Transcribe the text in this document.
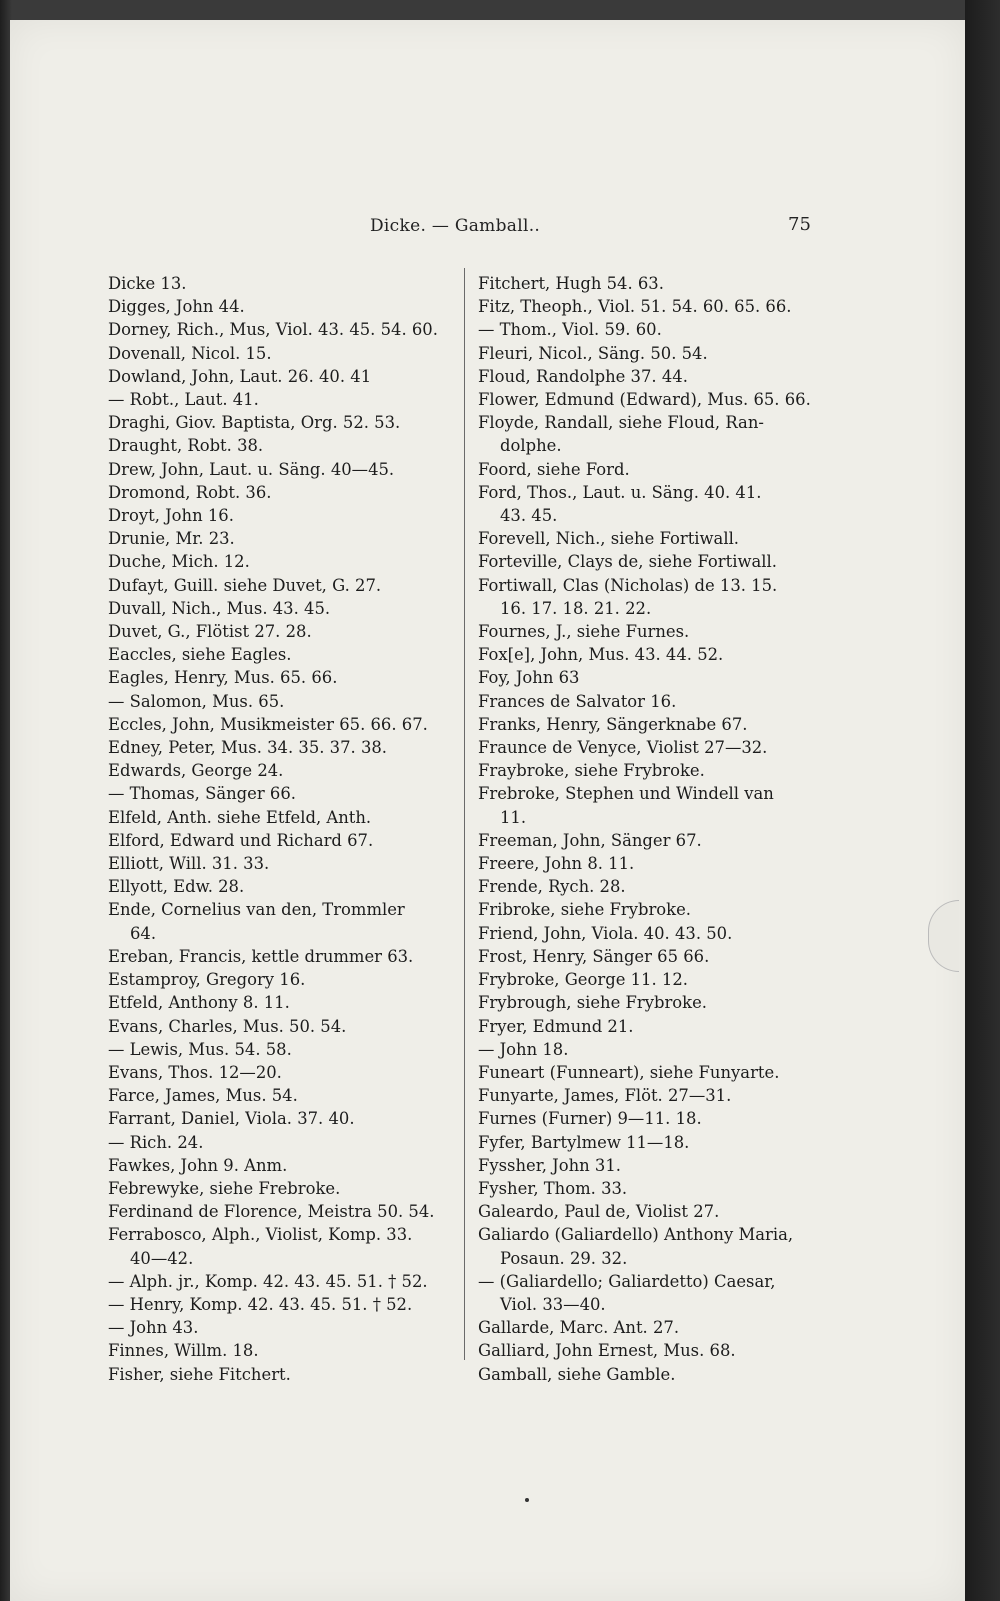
Dicke. — Gamball..	75

Dicke 13.

Digges, John 44.

Dorney, Rich., Mus, Viol. 43. 45. 54. 60.

Dovenall, Nicol. 15.

Dowland, John, Laut. 26. 40. 41

— Robt., Laut. 41.

Draghi, Giov. Baptista, Org. 52. 53.

Draught, Robt. 38.

Drew, John, Laut. u. Säng. 40—45.

Dromond, Robt. 36.

Droyt, John 16.

Drunie, Mr. 23.

Duche, Mich. 12.

Dufayt, Guill. siehe Duvet, G. 27.

Duvall, Nich., Mus. 43. 45.

Duvet, G., Flötist 27. 28.

Eaccles, siehe Eagles.

Eagles, Henry, Mus. 65. 66.

— Salomon, Mus. 65.

Eccles, John, Musikmeister 65. 66. 67.

Edney, Peter, Mus. 34. 35. 37. 38.

Edwards, George 24.

— Thomas, Sänger 66.

Elfeld, Anth. siehe Etfeld, Anth.

Elford, Edward und Richard 67.

Elliott, Will. 31. 33.

Ellyott, Edw. 28.

Ende, Cornelius van den, Trommler

64.

Ereban, Francis, kettle drummer 63.

Estamproy, Gregory 16.

Etfeld, Anthony 8. 11.

Evans, Charles, Mus. 50. 54.

— Lewis, Mus. 54. 58.

Evans, Thos. 12—20.

Farce, James, Mus. 54.

Farrant, Daniel, Viola. 37. 40.

— Rich. 24.

Fawkes, John 9. Anm.

Febrewyke, siehe Frebroke.

Ferdinand de Florence, Meistra 50. 54.

Ferrabosco, Alph., Violist, Komp. 33.

40—42.

— Alph. jr., Komp. 42. 43. 45. 51. † 52.

— Henry, Komp. 42. 43. 45. 51. † 52.

— John 43.

Finnes, Willm. 18.

Fisher, siehe Fitchert.

Fitchert, Hugh 54. 63.

Fitz, Theoph., Viol. 51. 54. 60. 65. 66.

— Thom., Viol. 59. 60.

Fleuri, Nicol., Säng. 50. 54.

Floud, Randolphe 37. 44.

Flower, Edmund (Edward), Mus. 65. 66.

Floyde, Randall, siehe Floud, Ran-

dolphe.

Foord, siehe Ford.

Ford, Thos., Laut. u. Säng. 40. 41.

43. 45.

Forevell, Nich., siehe Fortiwall.

Forteville, Clays de, siehe Fortiwall.

Fortiwall, Clas (Nicholas) de 13. 15.

16. 17. 18. 21. 22.

Fournes, J., siehe Furnes.

Fox[e], John, Mus. 43. 44. 52.

Foy, John 63

Frances de Salvator 16.

Franks, Henry, Sängerknabe 67.

Fraunce de Venyce, Violist 27—32.

Fraybroke, siehe Frybroke.

Frebroke, Stephen und Windell van

11.

Freeman, John, Sänger 67.

Freere, John 8. 11.

Frende, Rych. 28.

Fribroke, siehe Frybroke.

Friend, John, Viola. 40. 43. 50.

Frost, Henry, Sänger 65 66.

Frybroke, George 11. 12.

Frybrough, siehe Frybroke.

Fryer, Edmund 21.

— John 18.

Funeart (Funneart), siehe Funyarte.

Funyarte, James, Flöt. 27—31.

Furnes (Furner) 9—11. 18.

Fyfer, Bartylmew 11—18.

Fyssher, John 31.

Fysher, Thom. 33.

Galeardo, Paul de, Violist 27.

Galiardo (Galiardello) Anthony Maria,

Posaun. 29. 32.

— (Galiardello; Galiardetto) Caesar,

Viol. 33—40.

Gallarde, Marc. Ant. 27.

Galliard, John Ernest, Mus. 68.

Gamball, siehe Gamble.
